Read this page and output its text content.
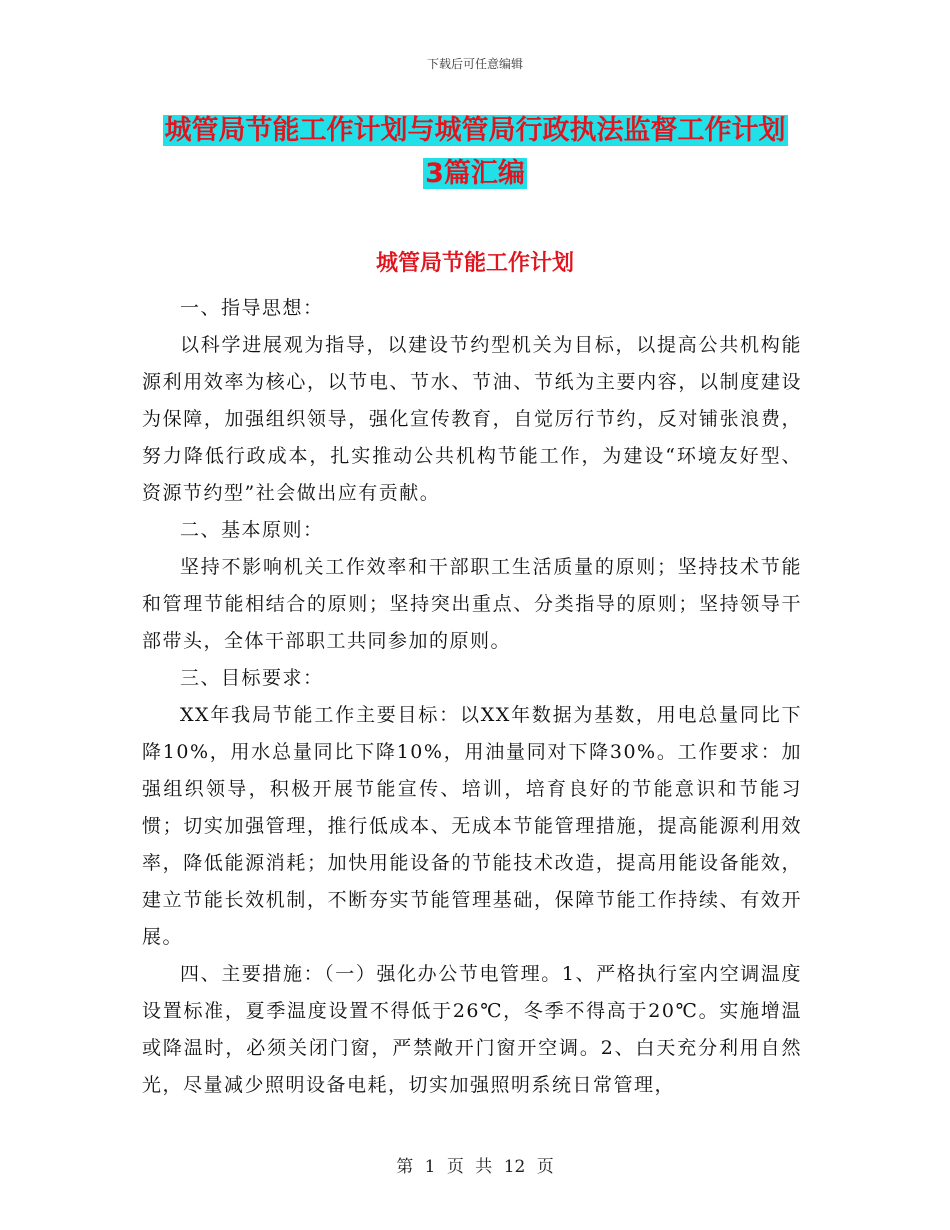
下载后可任意编辑
城管局节能工作计划与城管局行政执法监督工作计划
3篇汇编
城管局节能工作计划

一、指导思想：

以科学进展观为指导，以建设节约型机关为目标，以提高公共机构能源利用效率为核心，以节电、节水、节油、节纸为主要内容，以制度建设为保障，加强组织领导，强化宣传教育，自觉厉行节约，反对铺张浪费，努力降低行政成本，扎实推动公共机构节能工作，为建设“环境友好型、资源节约型”社会做出应有贡献。

二、基本原则：

坚持不影响机关工作效率和干部职工生活质量的原则；坚持技术节能和管理节能相结合的原则；坚持突出重点、分类指导的原则；坚持领导干部带头，全体干部职工共同参加的原则。

三、目标要求：

XX年我局节能工作主要目标：以XX年数据为基数，用电总量同比下降10%，用水总量同比下降10%，用油量同对下降30%。工作要求：加强组织领导，积极开展节能宣传、培训，培育良好的节能意识和节能习惯；切实加强管理，推行低成本、无成本节能管理措施，提高能源利用效率，降低能源消耗；加快用能设备的节能技术改造，提高用能设备能效，建立节能长效机制，不断夯实节能管理基础，保障节能工作持续、有效开展。

四、主要措施：（一）强化办公节电管理。1、严格执行室内空调温度设置标准，夏季温度设置不得低于26℃，冬季不得高于20℃。实施增温或降温时，必须关闭门窗，严禁敞开门窗开空调。2、白天充分利用自然光，尽量减少照明设备电耗，切实加强照明系统日常管理，

第 1 页 共 12 页
